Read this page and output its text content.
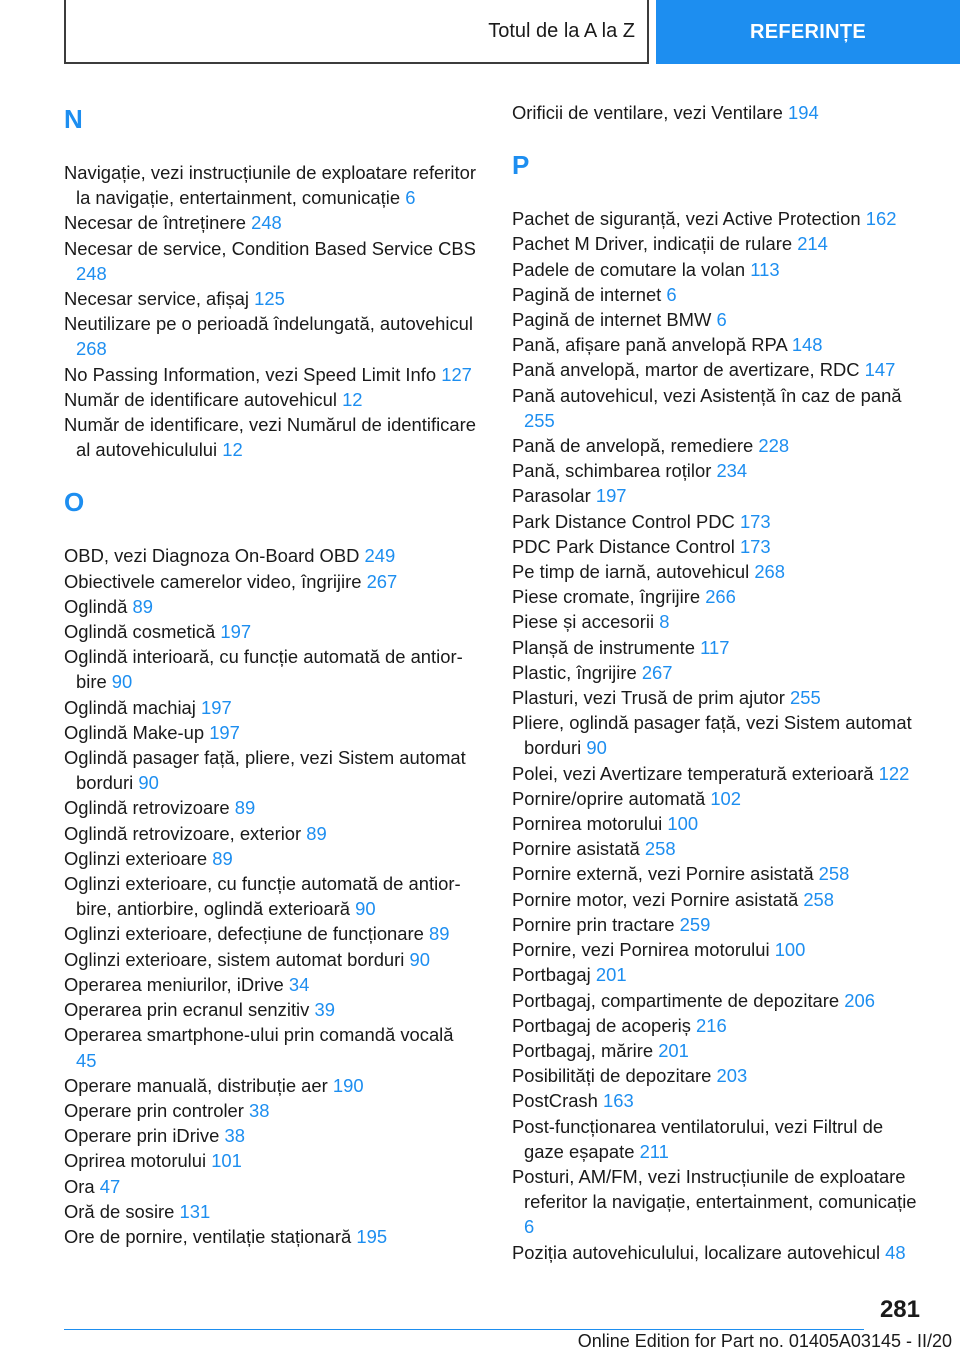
Totul de la A la Z	REFERINȚE
N
Navigație, vezi instrucțiunile de exploatare referitor la navigație, entertainment, comunicație 6
Necesar de întreținere 248
Necesar de service, Condition Based Service CBS 248
Necesar service, afișaj 125
Neutilizare pe o perioadă îndelungată, autovehicul 268
No Passing Information, vezi Speed Limit Info 127
Număr de identificare autovehicul 12
Număr de identificare, vezi Numărul de identificare al autovehiculului 12
O
OBD, vezi Diagnoza On-Board OBD 249
Obiectivele camerelor video, îngrijire 267
Oglindă 89
Oglindă cosmetică 197
Oglindă interioară, cu funcție automată de antiorbire 90
Oglindă machiaj 197
Oglindă Make-up 197
Oglindă pasager față, pliere, vezi Sistem automat borduri 90
Oglindă retrovizoare 89
Oglindă retrovizoare, exterior 89
Oglinzi exterioare 89
Oglinzi exterioare, cu funcție automată de antiorbire, antiorbire, oglindă exterioară 90
Oglinzi exterioare, defecțiune de funcționare 89
Oglinzi exterioare, sistem automat borduri 90
Operarea meniurilor, iDrive 34
Operarea prin ecranul senzitiv 39
Operarea smartphone-ului prin comandă vocală 45
Operare manuală, distribuție aer 190
Operare prin controler 38
Operare prin iDrive 38
Oprirea motorului 101
Ora 47
Oră de sosire 131
Ore de pornire, ventilație staționară 195
Orificii de ventilare, vezi Ventilare 194
P
Pachet de siguranță, vezi Active Protection 162
Pachet M Driver, indicații de rulare 214
Padele de comutare la volan 113
Pagină de internet 6
Pagină de internet BMW 6
Pană, afișare pană anvelopă RPA 148
Pană anvelopă, martor de avertizare, RDC 147
Pană autovehicul, vezi Asistență în caz de pană 255
Pană de anvelopă, remediere 228
Pană, schimbarea roților 234
Parasolar 197
Park Distance Control PDC 173
PDC Park Distance Control 173
Pe timp de iarnă, autovehicul 268
Piese cromate, îngrijire 266
Piese și accesorii 8
Planșă de instrumente 117
Plastic, îngrijire 267
Plasturi, vezi Trusă de prim ajutor 255
Pliere, oglindă pasager față, vezi Sistem automat borduri 90
Polei, vezi Avertizare temperatură exterioară 122
Pornire/oprire automată 102
Pornirea motorului 100
Pornire asistată 258
Pornire externă, vezi Pornire asistată 258
Pornire motor, vezi Pornire asistată 258
Pornire prin tractare 259
Pornire, vezi Pornirea motorului 100
Portbagaj 201
Portbagaj, compartimente de depozitare 206
Portbagaj de acoperiș 216
Portbagaj, mărire 201
Posibilități de depozitare 203
PostCrash 163
Post-funcționarea ventilatorului, vezi Filtrul de gaze eșapate 211
Posturi, AM/FM, vezi Instrucțiunile de exploatare referitor la navigație, entertainment, comunicație 6
Poziția autovehiculului, localizare autovehicul 48
281
Online Edition for Part no. 01405A03145 - II/20
